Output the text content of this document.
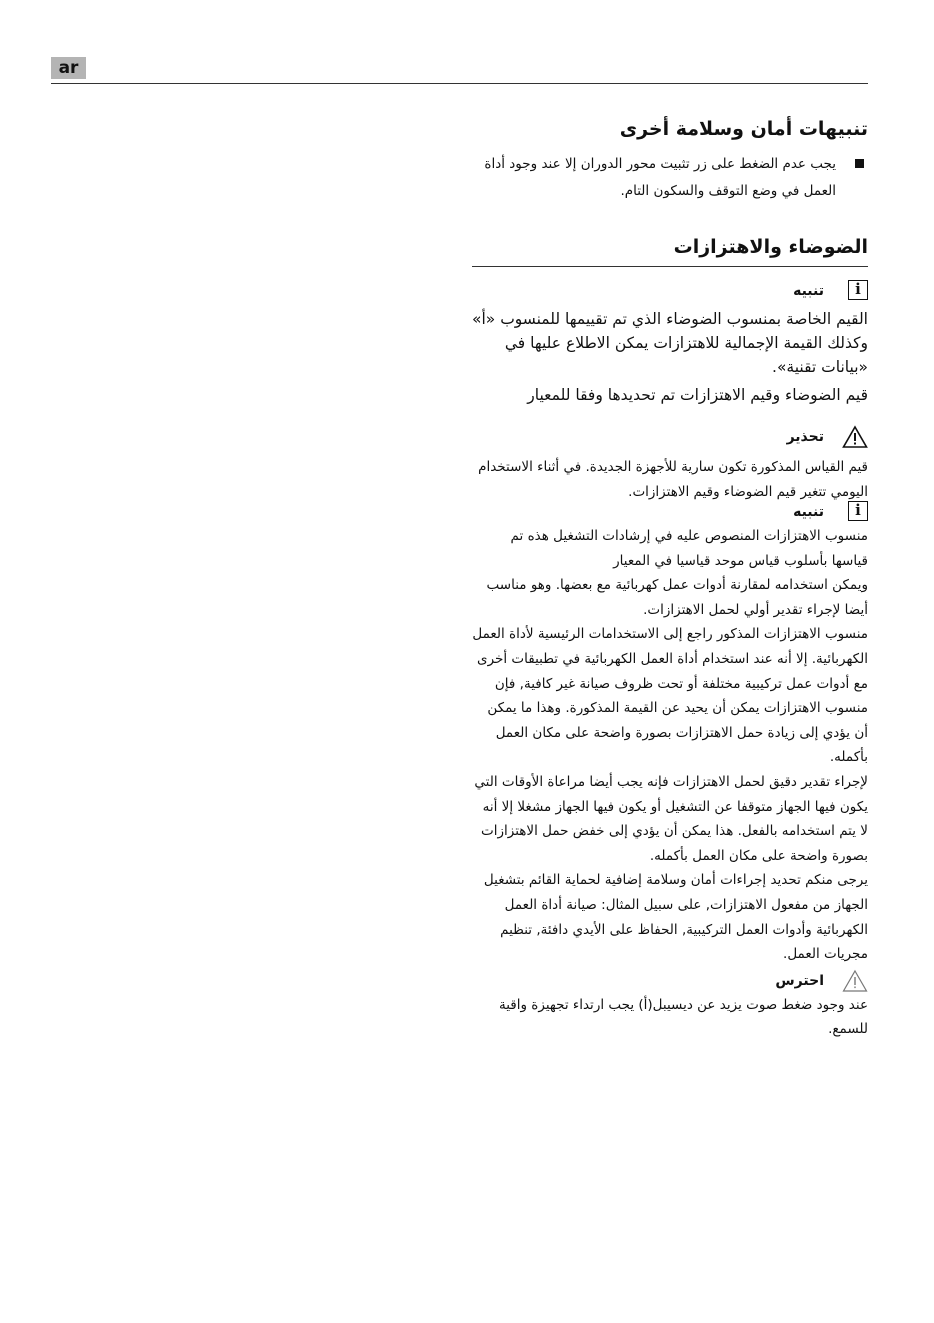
ar
تنبيهات أمان وسلامة أخرى
يجب عدم الضغط على زر تثبيت محور الدوران إلا عند وجود أداة العمل في وضع التوقف والسكون التام.
الضوضاء والاهتزازات
i
تنبيه

القيم الخاصة بمنسوب الضوضاء الذي تم تقييمها للمنسوب «أ» وكذلك القيمة الإجمالية للاهتزازات يمكن الاطلاع عليها في «بيانات تقنية».

قيم الضوضاء وقيم الاهتزازات تم تحديدها وفقا للمعيار

تحذير

قيم القياس المذكورة تكون سارية للأجهزة الجديدة. في أثناء الاستخدام اليومي تتغير قيم الضوضاء وقيم الاهتزازات.

i
تنبيه

منسوب الاهتزازات المنصوص عليه في إرشادات التشغيل هذه تم قياسها بأسلوب قياس موحد قياسيا في المعيار

ويمكن استخدامه لمقارنة أدوات عمل كهربائية مع بعضها. وهو مناسب أيضا لإجراء تقدير أولي لحمل الاهتزازات.

منسوب الاهتزازات المذكور راجع إلى الاستخدامات الرئيسية لأداة العمل الكهربائية. إلا أنه عند استخدام أداة العمل الكهربائية في تطبيقات أخرى مع أدوات عمل تركيبية مختلفة أو تحت ظروف صيانة غير كافية, فإن منسوب الاهتزازات يمكن أن يحيد عن القيمة المذكورة. وهذا ما يمكن أن يؤدي إلى زيادة حمل الاهتزازات بصورة واضحة على مكان العمل بأكمله.

لإجراء تقدير دقيق لحمل الاهتزازات فإنه يجب أيضا مراعاة الأوقات التي يكون فيها الجهاز متوقفا عن التشغيل أو يكون فيها الجهاز مشغلا إلا أنه لا يتم استخدامه بالفعل. هذا يمكن أن يؤدي إلى خفض حمل الاهتزازات بصورة واضحة على مكان العمل بأكمله.

يرجى منكم تحديد إجراءات أمان وسلامة إضافية لحماية القائم بتشغيل الجهاز من مفعول الاهتزازات, على سبيل المثال: صيانة أداة العمل الكهربائية وأدوات العمل التركيبية, الحفاظ على الأيدي دافئة, تنظيم مجريات العمل.

احترس

عند وجود ضغط صوت يزيد عن ديسيبل(أ) يجب ارتداء تجهيزة واقية للسمع.
